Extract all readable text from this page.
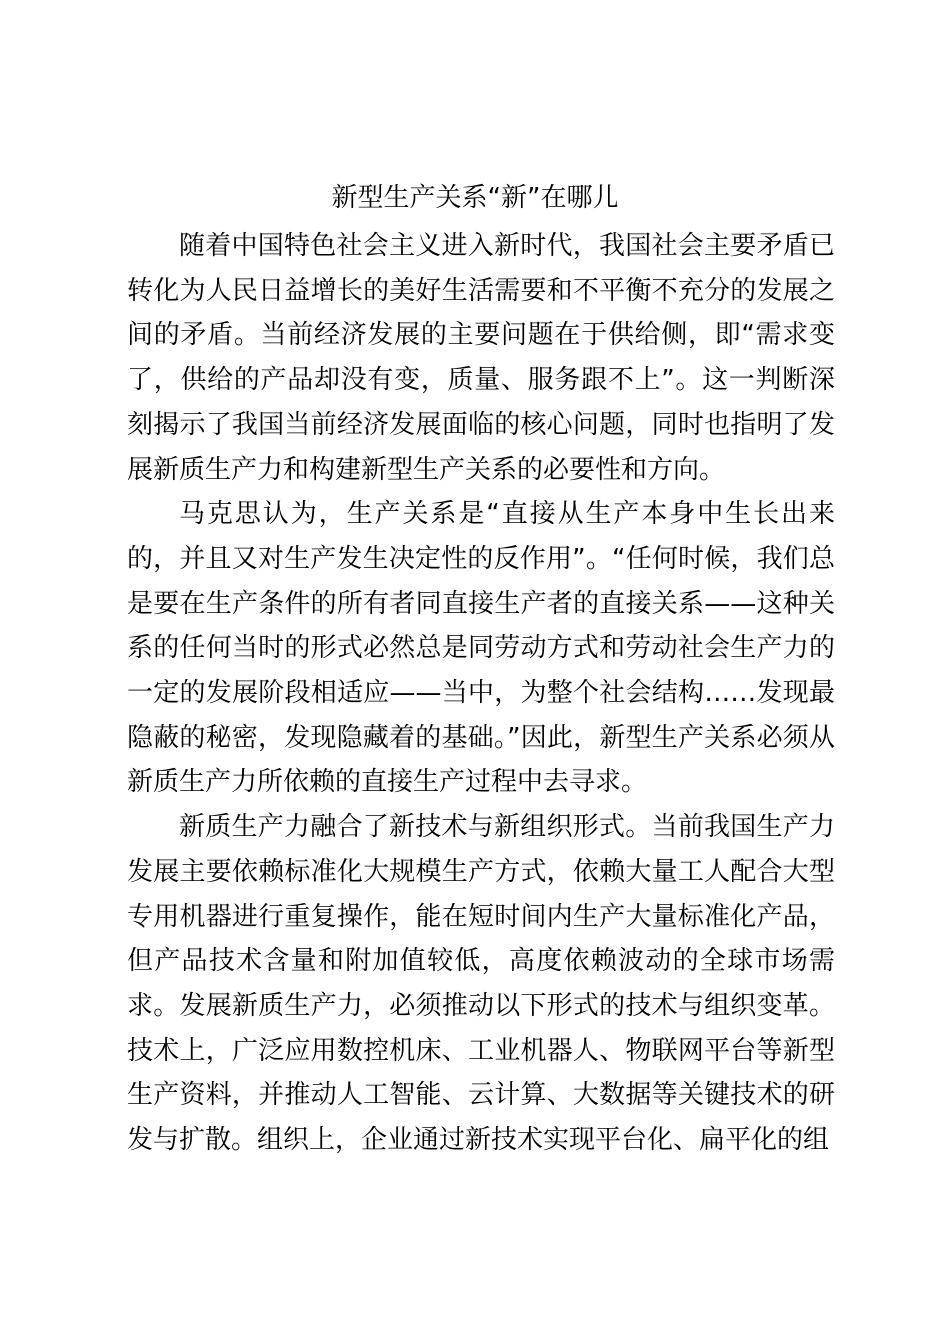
新型生产关系“新”在哪儿

随着中国特色社会主义进入新时代，我国社会主要矛盾已转化为人民日益增长的美好生活需要和不平衡不充分的发展之间的矛盾。当前经济发展的主要问题在于供给侧，即“需求变了，供给的产品却没有变，质量、服务跟不上”。这一判断深刻揭示了我国当前经济发展面临的核心问题，同时也指明了发展新质生产力和构建新型生产关系的必要性和方向。

马克思认为，生产关系是“直接从生产本身中生长出来的，并且又对生产发生决定性的反作用”。“任何时候，我们总是要在生产条件的所有者同直接生产者的直接关系——这种关系的任何当时的形式必然总是同劳动方式和劳动社会生产力的一定的发展阶段相适应——当中，为整个社会结构……发现最隐蔽的秘密，发现隐藏着的基础。”因此，新型生产关系必须从新质生产力所依赖的直接生产过程中去寻求。

新质生产力融合了新技术与新组织形式。当前我国生产力发展主要依赖标准化大规模生产方式，依赖大量工人配合大型专用机器进行重复操作，能在短时间内生产大量标准化产品，但产品技术含量和附加值较低，高度依赖波动的全球市场需求。发展新质生产力，必须推动以下形式的技术与组织变革。技术上，广泛应用数控机床、工业机器人、物联网平台等新型生产资料，并推动人工智能、云计算、大数据等关键技术的研发与扩散。组织上，企业通过新技术实现平台化、扁平化的组
